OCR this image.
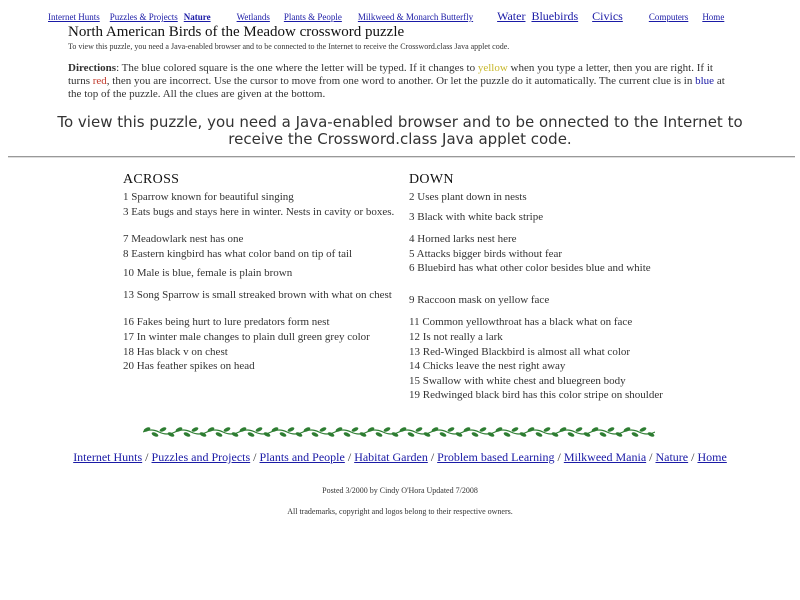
Internet Hunts Puzzles & Projects Nature	Wetlands Plants & People Milkweed & Monarch Butterfly Water Bluebirds Civics	Computers Home
North American Birds of the Meadow crossword puzzle
To view this puzzle, you need a Java-enabled browser and to be connected to the Internet to receive the Crossword.class Java applet code.
Directions: The blue colored square is the one where the letter will be typed. If it changes to yellow when you type a letter, then you are right. If it turns red, then you are incorrect. Use the cursor to move from one word to another. Or let the puzzle do it automatically. The current clue is in blue at the top of the puzzle. All the clues are given at the bottom.
To view this puzzle, you need a Java-enabled browser and to be onnected to the Internet to receive the Crossword.class Java applet code.
ACROSS
1 Sparrow known for beautiful singing
3 Eats bugs and stays here in winter. Nests in cavity or boxes.
7 Meadowlark nest has one
8 Eastern kingbird has what color band on tip of tail
10 Male is blue, female is plain brown
13 Song Sparrow is small streaked brown with what on chest
16 Fakes being hurt to lure predators form nest
17 In winter male changes to plain dull green grey color
18 Has black v on chest
20 Has feather spikes on head
DOWN
2 Uses plant down in nests
3 Black with white back stripe
4 Horned larks nest here
5 Attacks bigger birds without fear
6 Bluebird has what other color besides blue and white
9 Raccoon mask on yellow face
11 Common yellowthroat has a black what on face
12 Is not really a lark
13 Red-Winged Blackbird is almost all what color
14 Chicks leave the nest right away
15 Swallow with white chest and bluegreen body
19 Redwinged black bird has this color stripe on shoulder
Internet Hunts / Puzzles and Projects / Plants and People / Habitat Garden / Problem based Learning / Milkweed Mania / Nature / Home
Posted 3/2000 by Cindy O'Hora Updated 7/2008
All trademarks, copyright and logos belong to their respective owners.
